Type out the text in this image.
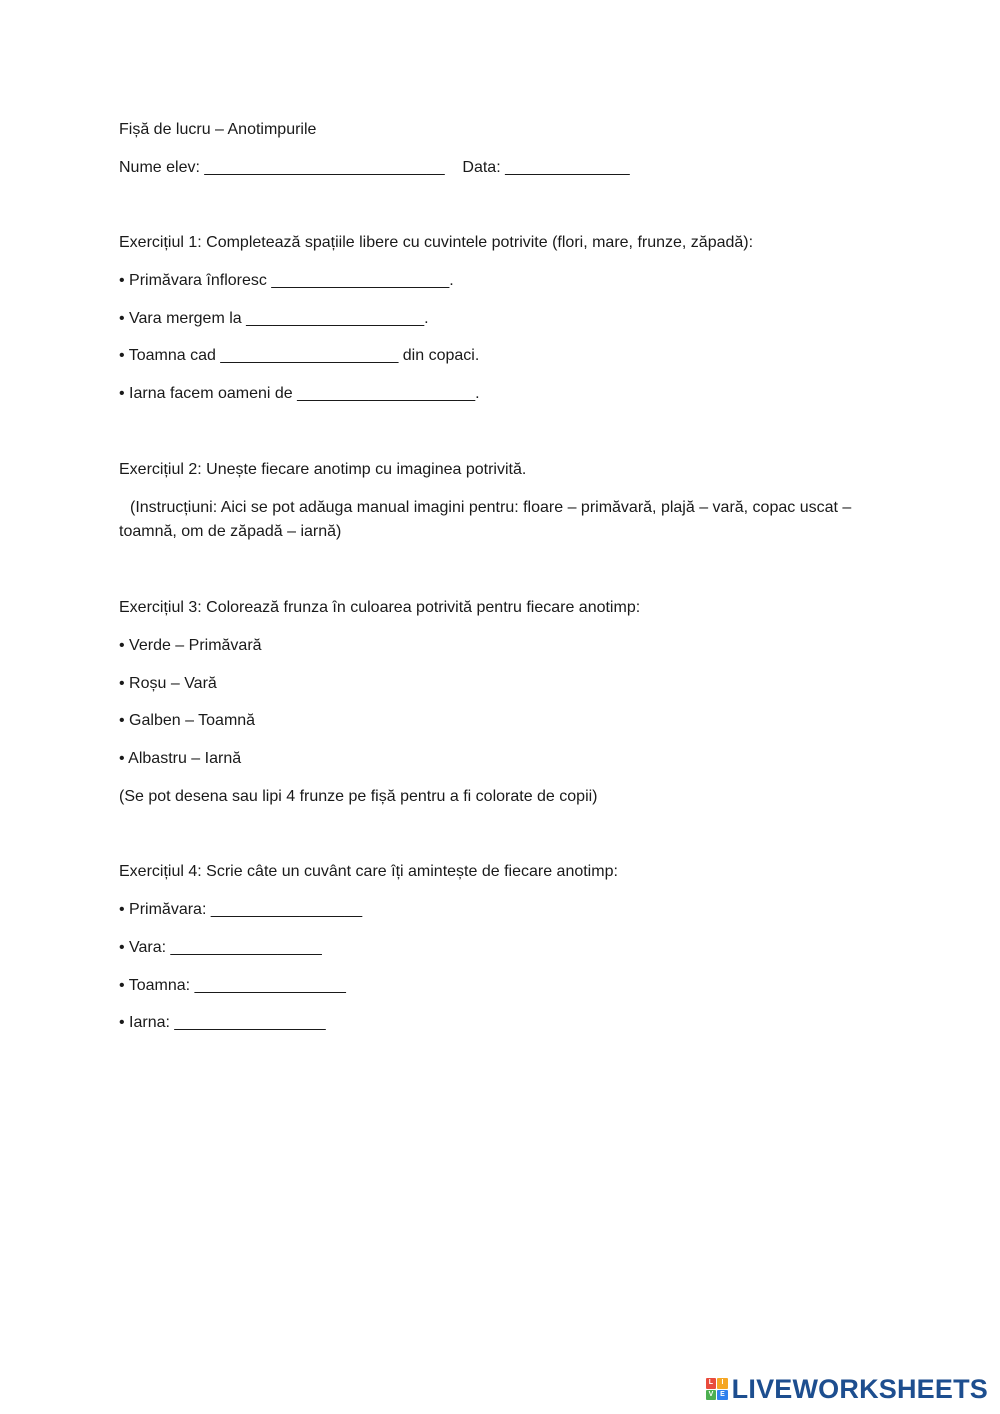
Fișă de lucru – Anotimpurile
Nume elev: ___________________________    Data: ______________
Exercițiul 1: Completează spațiile libere cu cuvintele potrivite (flori, mare, frunze, zăpadă):
• Primăvara înfloresc ____________________.
• Vara mergem la ____________________.
• Toamna cad ____________________ din copaci.
• Iarna facem oameni de ____________________.
Exercițiul 2: Unește fiecare anotimp cu imaginea potrivită.
(Instrucțiuni: Aici se pot adăuga manual imagini pentru: floare – primăvară, plajă – vară, copac uscat – toamnă, om de zăpadă – iarnă)
Exercițiul 3: Colorează frunza în culoarea potrivită pentru fiecare anotimp:
• Verde – Primăvară
• Roșu – Vară
• Galben – Toamnă
• Albastru – Iarnă
(Se pot desena sau lipi 4 frunze pe fișă pentru a fi colorate de copii)
Exercițiul 4: Scrie câte un cuvânt care îți amintește de fiecare anotimp:
• Primăvara: _________________
• Vara: _________________
• Toamna: _________________
• Iarna: _________________
L	I
V E LIVEWORKSHEETS
